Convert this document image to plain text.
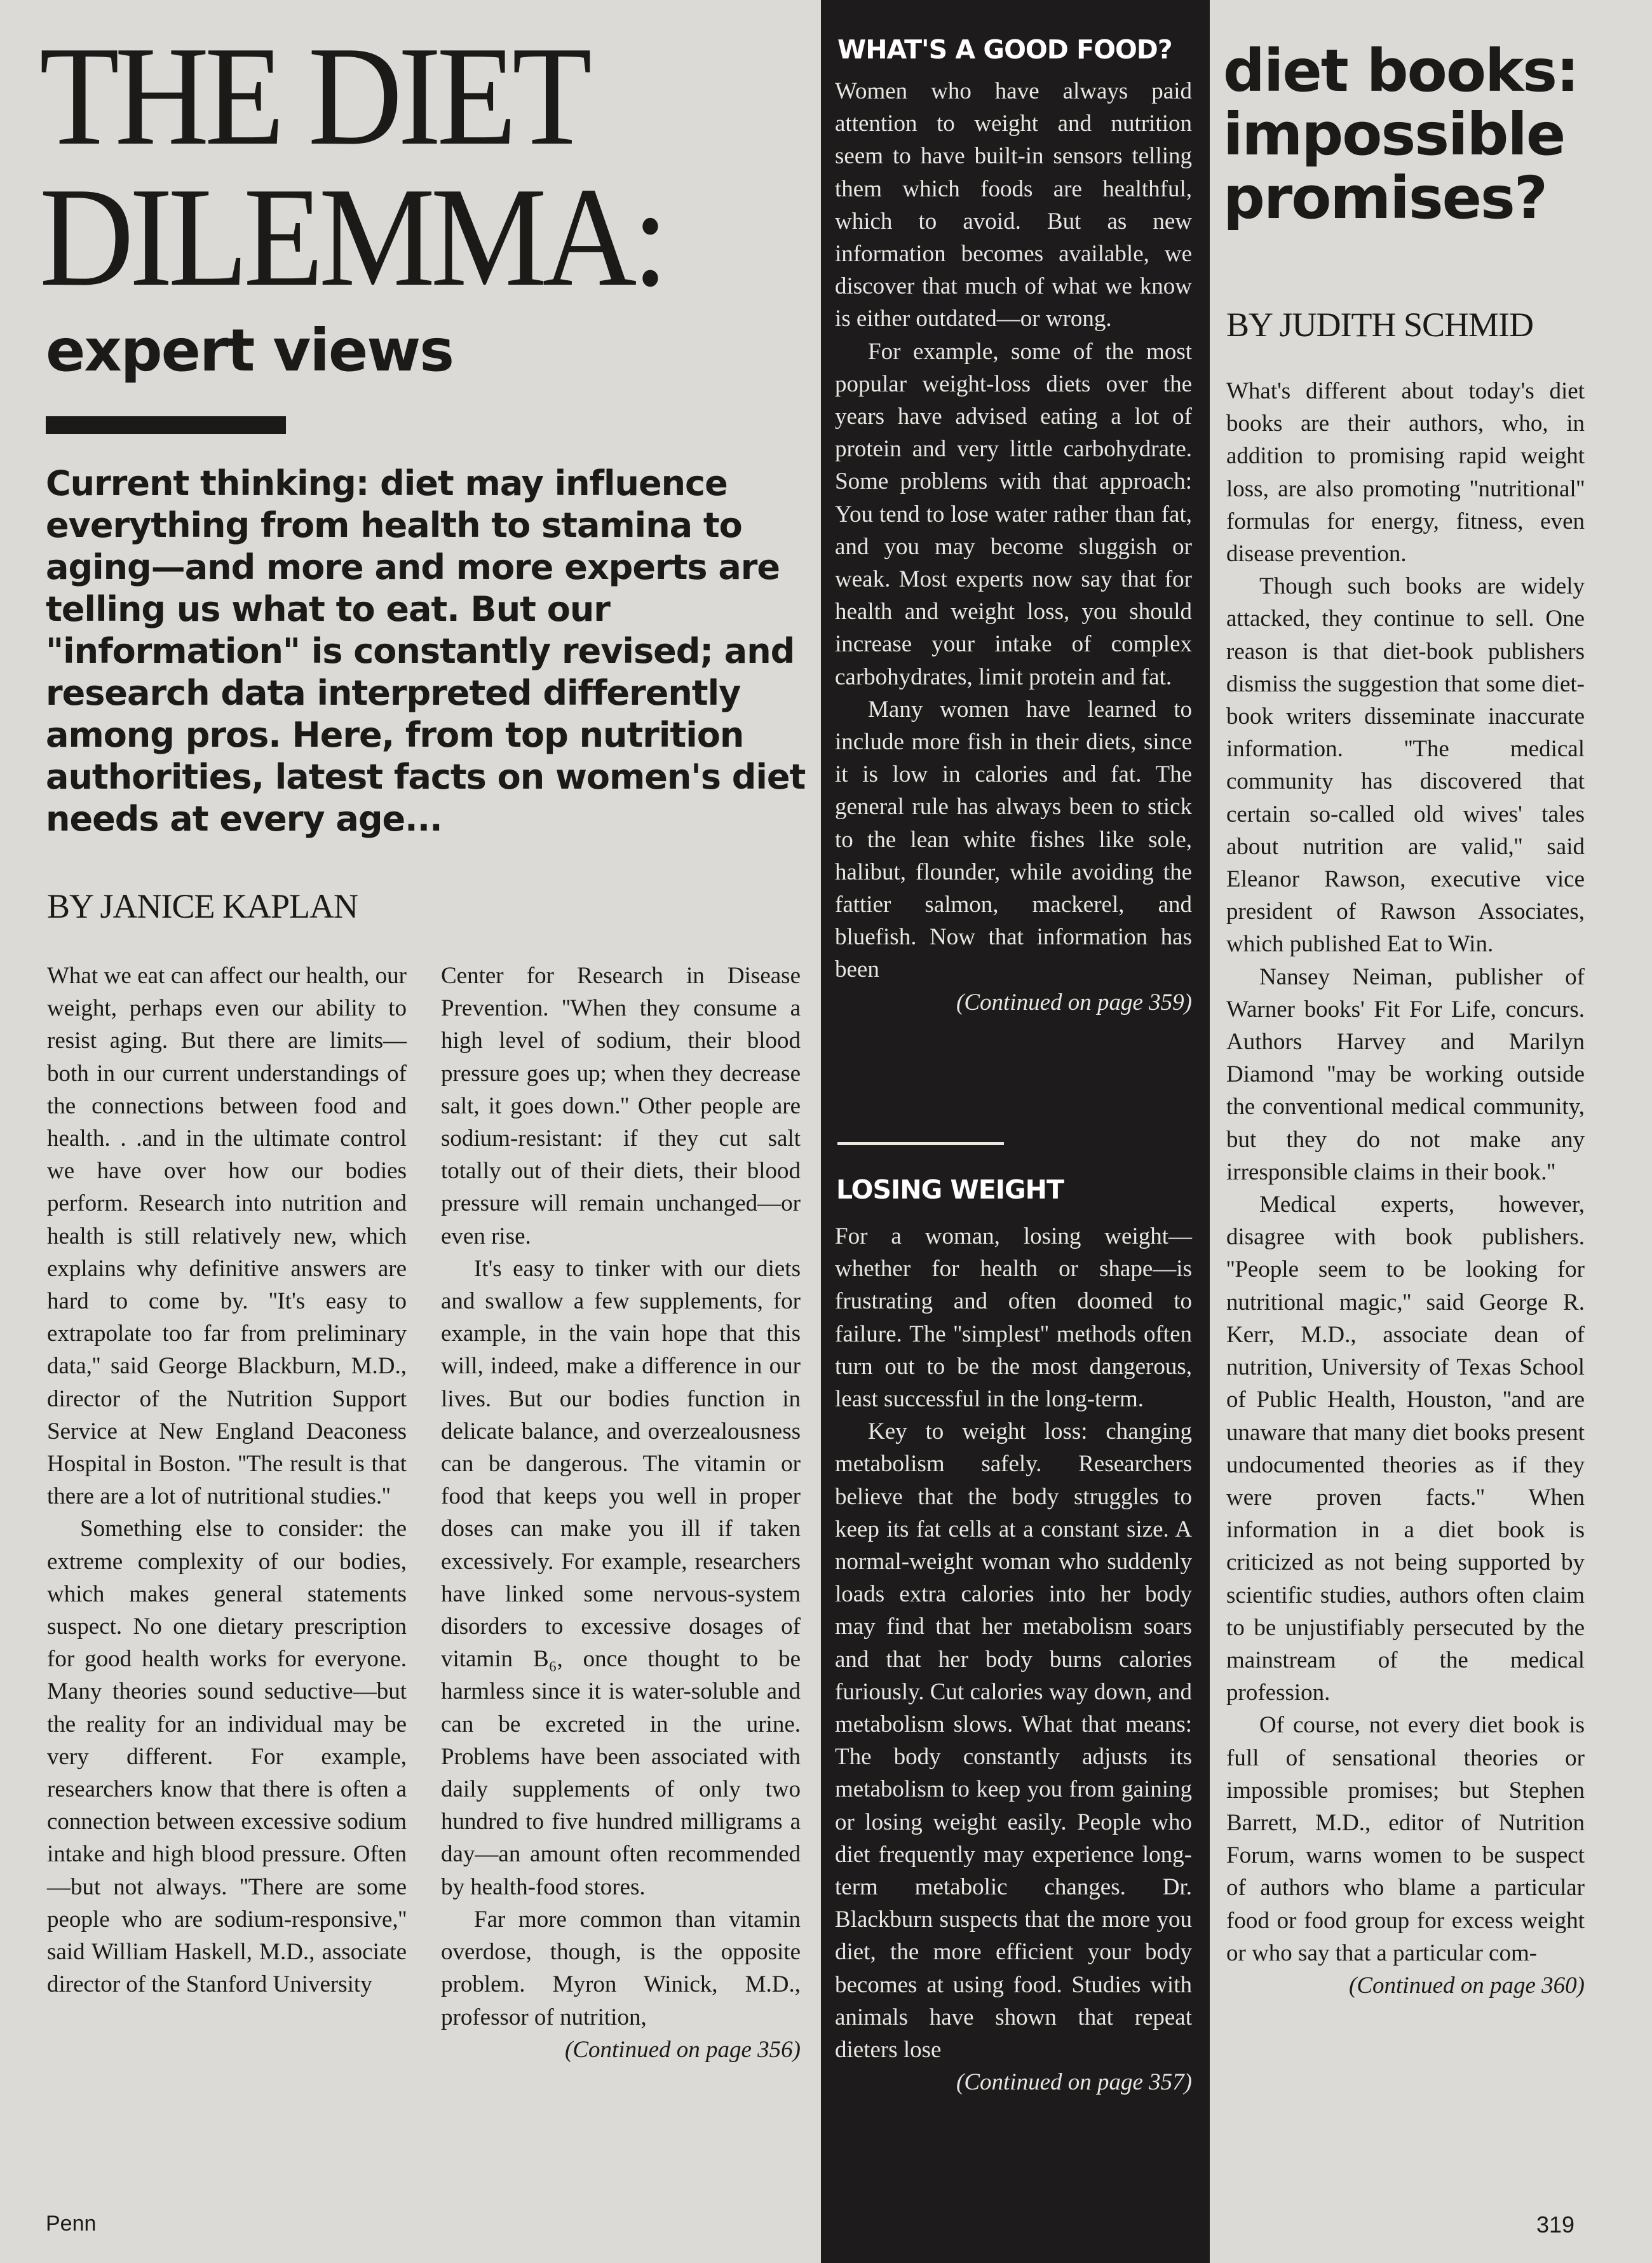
THE DIET
DILEMMA:
expert views

Current thinking: diet may influence everything from health to stamina to aging—and more and more experts are telling us what to eat. But our "information" is constantly revised; and research data interpreted differently among pros. Here, from top nutrition authorities, latest facts on women's diet needs at every age...

BY JANICE KAPLAN

What we eat can affect our health, our weight, perhaps even our ability to resist aging. But there are limits—both in our current understandings of the connections between food and health. . .and in the ultimate control we have over how our bodies perform. Research into nutrition and health is still relatively new, which explains why definitive answers are hard to come by. ''It's easy to extrapolate too far from preliminary data,'' said George Blackburn, M.D., director of the Nutrition Support Service at New England Deaconess Hospital in Boston. ''The result is that there are a lot of nutritional studies.''

Something else to consider: the extreme complexity of our bodies, which makes general statements suspect. No one dietary prescription for good health works for everyone. Many theories sound seductive—but the reality for an individual may be very different. For example, researchers know that there is often a connection between excessive sodium intake and high blood pressure. Often—but not always. ''There are some people who are sodium-responsive,'' said William Haskell, M.D., associate director of the Stanford University

Center for Research in Disease Prevention. ''When they consume a high level of sodium, their blood pressure goes up; when they decrease salt, it goes down.'' Other people are sodium-resistant: if they cut salt totally out of their diets, their blood pressure will remain unchanged—or even rise.

It's easy to tinker with our diets and swallow a few supplements, for example, in the vain hope that this will, indeed, make a difference in our lives. But our bodies function in delicate balance, and overzealousness can be dangerous. The vitamin or food that keeps you well in proper doses can make you ill if taken excessively. For example, researchers have linked some nervous-system disorders to excessive dosages of vitamin B₆, once thought to be harmless since it is water-soluble and can be excreted in the urine. Problems have been associated with daily supplements of only two hundred to five hundred milligrams a day—an amount often recommended by health-food stores.

Far more common than vitamin overdose, though, is the opposite problem. Myron Winick, M.D., professor of nutrition,

(Continued on page 356)
WHAT'S A GOOD FOOD?

Women who have always paid attention to weight and nutrition seem to have built-in sensors telling them which foods are healthful, which to avoid. But as new information becomes available, we discover that much of what we know is either outdated—or wrong.

For example, some of the most popular weight-loss diets over the years have advised eating a lot of protein and very little carbohydrate. Some problems with that approach: You tend to lose water rather than fat, and you may become sluggish or weak. Most experts now say that for health and weight loss, you should increase your intake of complex carbohydrates, limit protein and fat.

Many women have learned to include more fish in their diets, since it is low in calories and fat. The general rule has always been to stick to the lean white fishes like sole, halibut, flounder, while avoiding the fattier salmon, mackerel, and bluefish. Now that information has been

(Continued on page 359)
LOSING WEIGHT

For a woman, losing weight—whether for health or shape—is frustrating and often doomed to failure. The ''simplest'' methods often turn out to be the most dangerous, least successful in the long-term.

Key to weight loss: changing metabolism safely. Researchers believe that the body struggles to keep its fat cells at a constant size. A normal-weight woman who suddenly loads extra calories into her body may find that her metabolism soars and that her body burns calories furiously. Cut calories way down, and metabolism slows. What that means: The body constantly adjusts its metabolism to keep you from gaining or losing weight easily. People who diet frequently may experience long-term metabolic changes. Dr. Blackburn suspects that the more you diet, the more efficient your body becomes at using food. Studies with animals have shown that repeat dieters lose

(Continued on page 357)
diet books: impossible promises?

BY JUDITH SCHMID

What's different about today's diet books are their authors, who, in addition to promising rapid weight loss, are also promoting ''nutritional'' formulas for energy, fitness, even disease prevention.

Though such books are widely attacked, they continue to sell. One reason is that diet-book publishers dismiss the suggestion that some diet-book writers disseminate inaccurate information. ''The medical community has discovered that certain so-called old wives' tales about nutrition are valid,'' said Eleanor Rawson, executive vice president of Rawson Associates, which published Eat to Win.

Nansey Neiman, publisher of Warner books' Fit For Life, concurs. Authors Harvey and Marilyn Diamond ''may be working outside the conventional medical community, but they do not make any irresponsible claims in their book.''

Medical experts, however, disagree with book publishers. ''People seem to be looking for nutritional magic,'' said George R. Kerr, M.D., associate dean of nutrition, University of Texas School of Public Health, Houston, ''and are unaware that many diet books present undocumented theories as if they were proven facts.'' When information in a diet book is criticized as not being supported by scientific studies, authors often claim to be unjustifiably persecuted by the mainstream of the medical profession.

Of course, not every diet book is full of sensational theories or impossible promises; but Stephen Barrett, M.D., editor of Nutrition Forum, warns women to be suspect of authors who blame a particular food or food group for excess weight or who say that a particular com-

(Continued on page 360)
Penn	319
